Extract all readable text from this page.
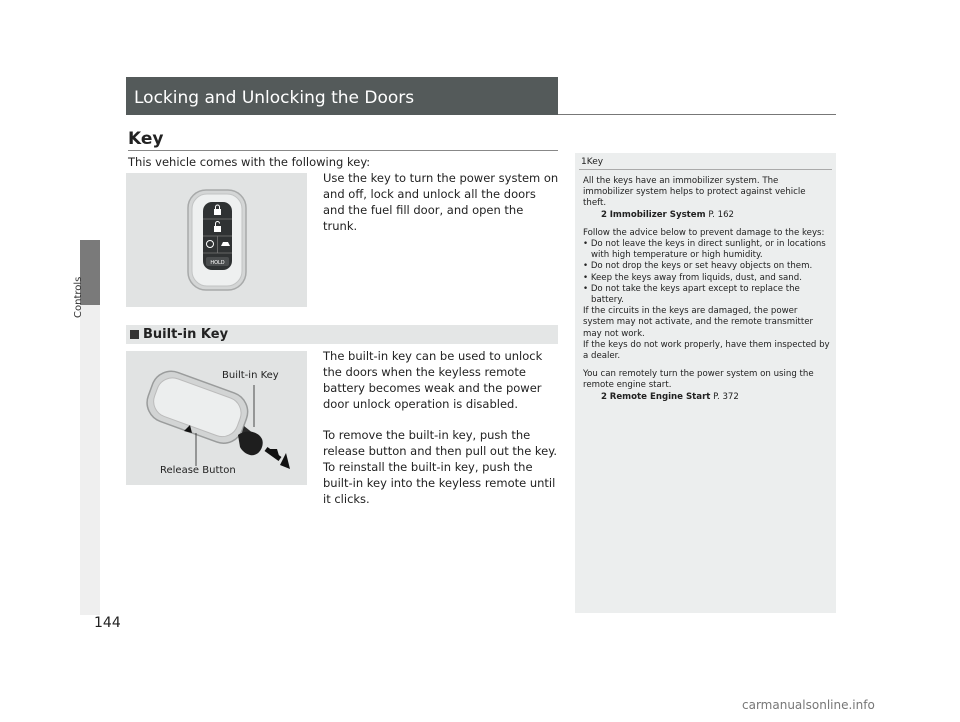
Controls
Locking and Unlocking the Doors
Key
This vehicle comes with the following key:
Use the key to turn the power system on and off, lock and unlock all the doors and the fuel fill door, and open the trunk.
HOLD
Built-in Key

The built-in key can be used to unlock the doors when the keyless remote battery becomes weak and the power door unlock operation is disabled.

To remove the built-in key, push the release button and then pull out the key. To reinstall the built-in key, push the built-in key into the keyless remote until it clicks.

Built-in Key
Release Button
1Key

All the keys have an immobilizer system. The immobilizer system helps to protect against vehicle theft.

2 Immobilizer System P. 162

Follow the advice below to prevent damage to the keys:

• Do not leave the keys in direct sunlight, or in locations with high temperature or high humidity.

• Do not drop the keys or set heavy objects on them.

• Keep the keys away from liquids, dust, and sand.

• Do not take the keys apart except to replace the battery.

If the circuits in the keys are damaged, the power system may not activate, and the remote transmitter may not work.

If the keys do not work properly, have them inspected by a dealer.

You can remotely turn the power system on using the remote engine start.

2 Remote Engine Start P. 372

144
carmanualsonline.info
